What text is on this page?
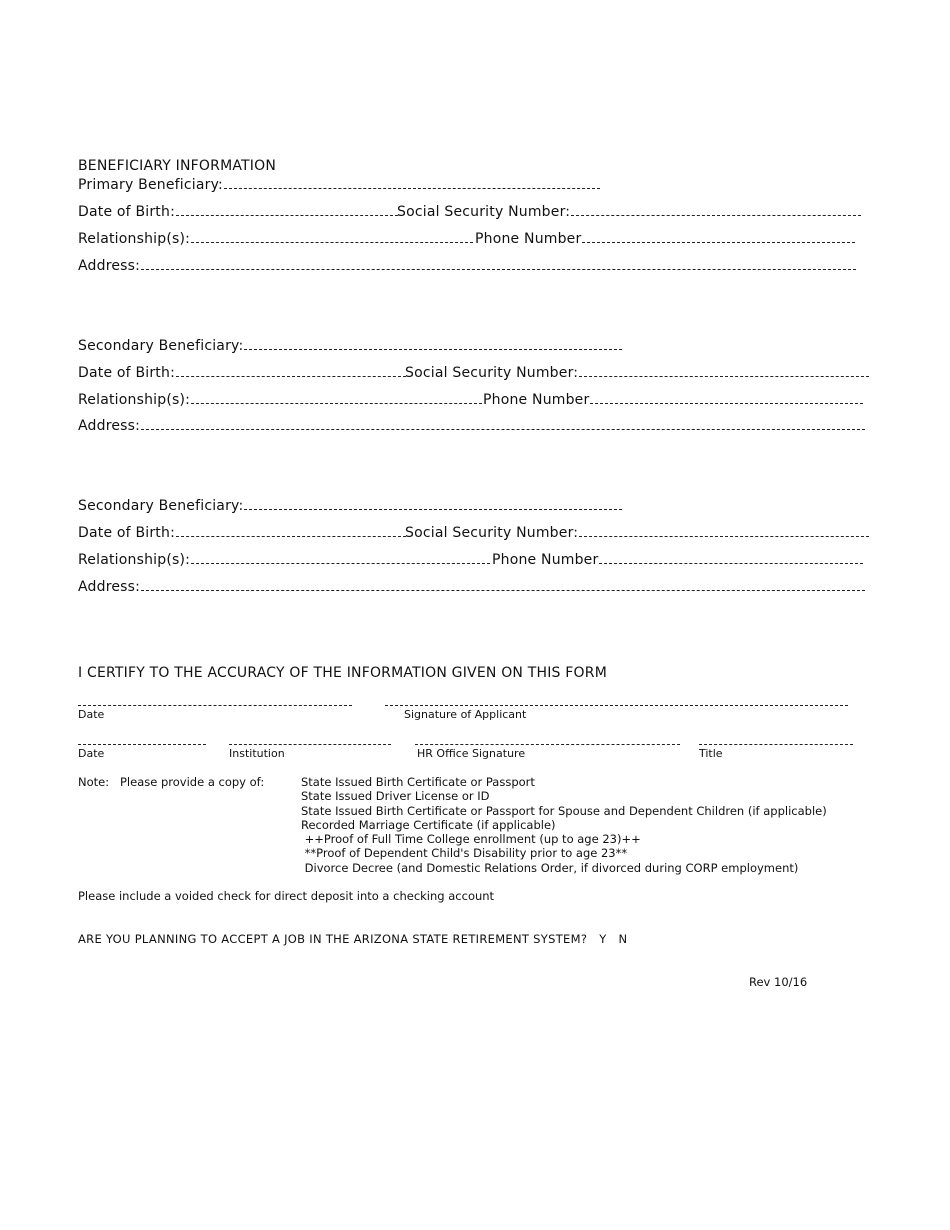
BENEFICIARY INFORMATION
Primary Beneficiary:
Date of Birth:	Social Security Number:
Relationship(s):	Phone Number
Address:
Secondary Beneficiary:
Date of Birth:	Social Security Number:
Relationship(s):	Phone Number
Address:
Secondary Beneficiary:
Date of Birth:	Social Security Number:
Relationship(s):	Phone Number
Address:
I CERTIFY TO THE ACCURACY OF THE INFORMATION GIVEN ON THIS FORM
Date	Signature of Applicant
Date	Institution	HR Office Signature	Title
Note: Please provide a copy of:	State Issued Birth Certificate or Passport
State Issued Driver License or ID
State Issued Birth Certificate or Passport for Spouse and Dependent Children (if applicable)
Recorded Marriage Certificate (if applicable)
++Proof of Full Time College enrollment (up to age 23)++
**Proof of Dependent Child's Disability prior to age 23**
Divorce Decree (and Domestic Relations Order, if divorced during CORP employment)
Please include a voided check for direct deposit into a checking account
ARE YOU PLANNING TO ACCEPT A JOB IN THE ARIZONA STATE RETIREMENT SYSTEM? Y N
Rev 10/16
